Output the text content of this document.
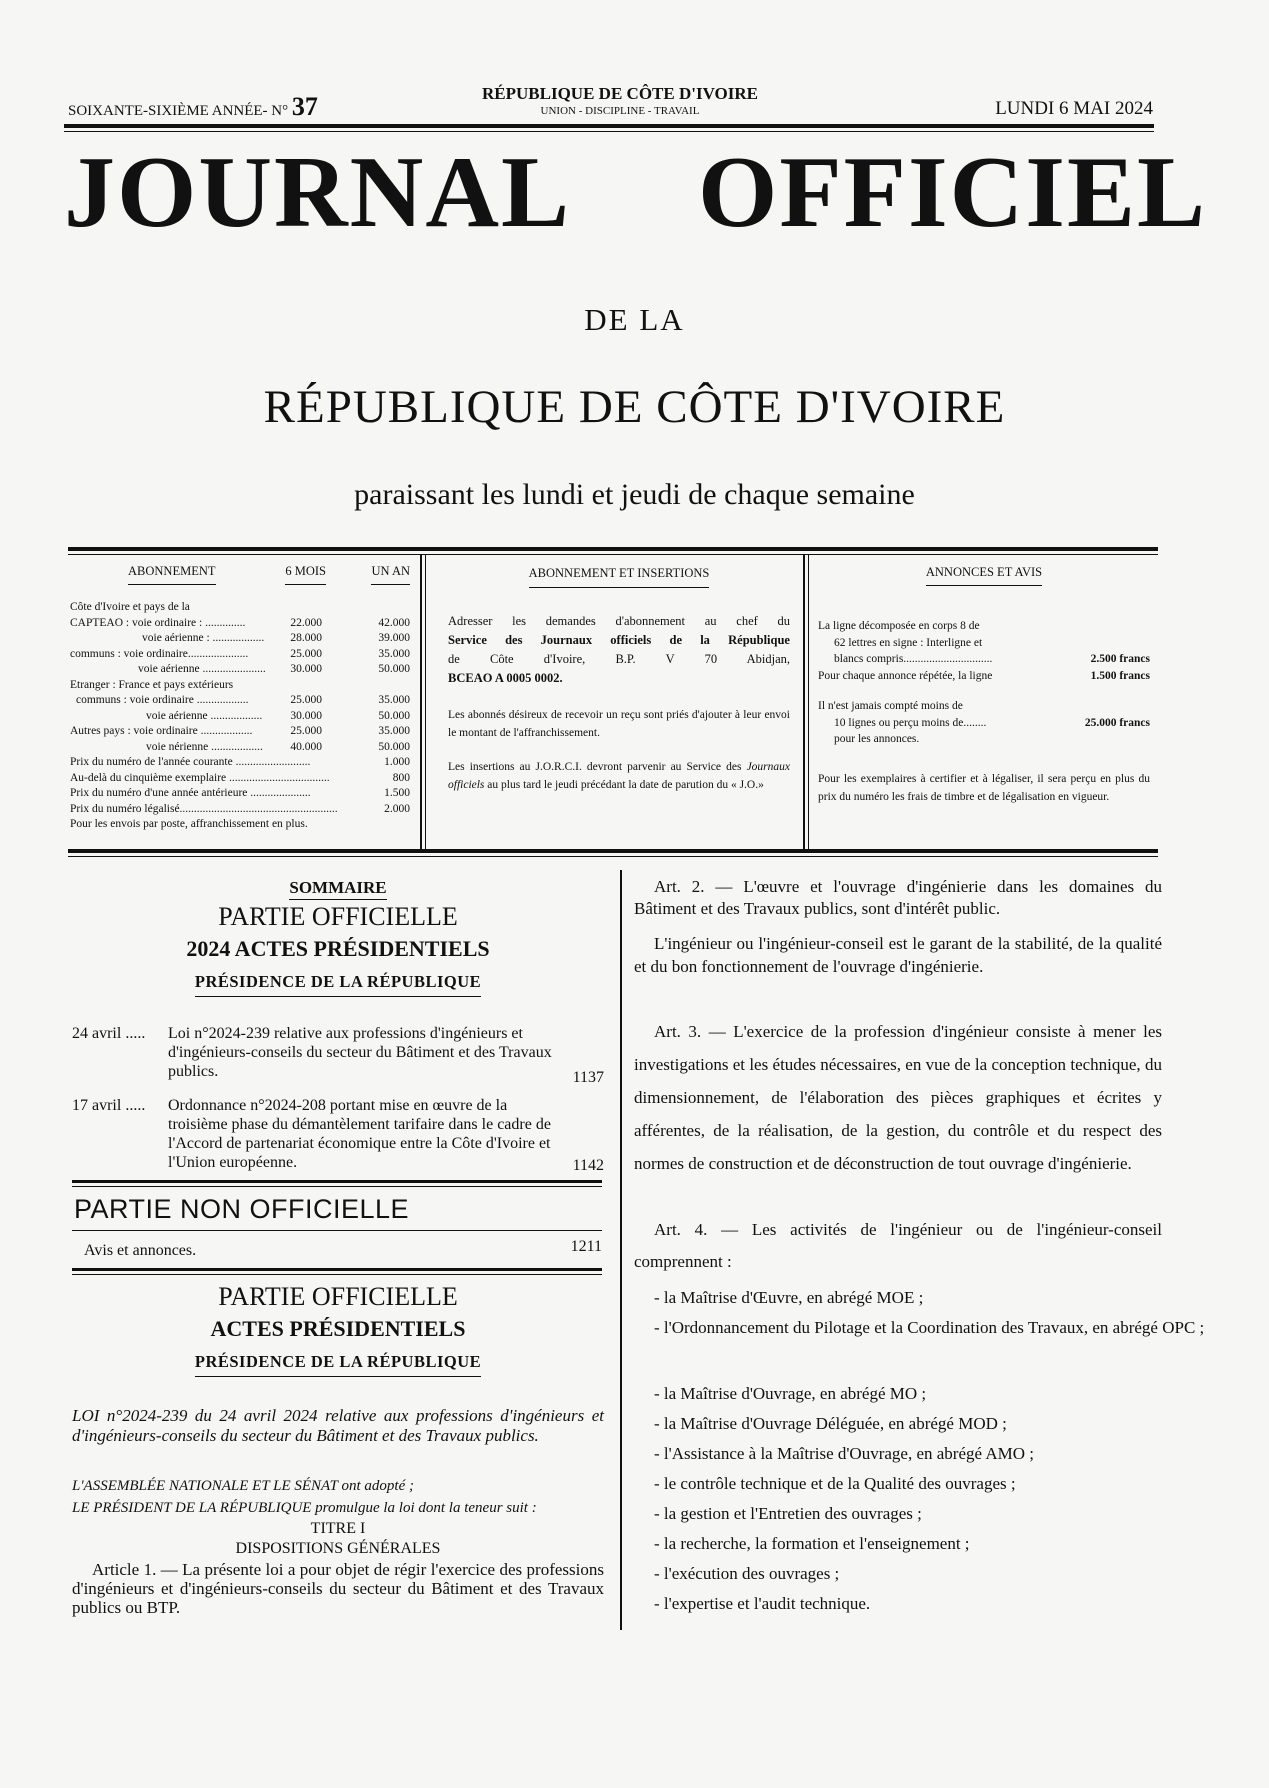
SOIXANTE-SIXIÈME ANNÉE- N° 37	RÉPUBLIQUE DE CÔTE D'IVOIRE
UNION - DISCIPLINE - TRAVAIL	LUNDI 6 MAI 2024
JOURNAL OFFICIEL
DE LA
RÉPUBLIQUE DE CÔTE D'IVOIRE
paraissant les lundi et jeudi de chaque semaine
ABONNEMENT	6 MOIS	UN AN
Côte d'Ivoire et pays de la
CAPTEAO : voie ordinaire : ..............	22.000	42.000
voie aérienne : .................. 28.000	39.000
communs : voie ordinaire.....................	25.000	35.000
voie aérienne ...................... 30.000	50.000
Etranger : France et pays extérieurs
communs : voie ordinaire ..................	25.000	35.000
voie aérienne .................. 30.000	50.000
Autres pays : voie ordinaire ..................	25.000	35.000
voie nérienne .................. 40.000	50.000
Prix du numéro de l'année courante ..........................	1.000
Au-delà du cinquième exemplaire ...................................	800
Prix du numéro d'une année antérieure .....................	1.500
Prix du numéro légalisé.......................................................	2.000
Pour les envois par poste, affranchissement en plus.
ABONNEMENT ET INSERTIONS
Adresser les demandes d'abonnement au chef du
Service des Journaux officiels de la République
de Côte d'Ivoire, B.P. V 70 Abidjan,
BCEAO A 0005 0002.
Les abonnés désireux de recevoir un reçu sont priés d'ajouter à leur envoi le montant de l'affranchissement.
Les insertions au J.O.R.C.I. devront parvenir au Service des Journaux officiels au plus tard le jeudi précédant la date de parution du « J.O.»
ANNONCES ET AVIS
La ligne décomposée en corps 8 de
62 lettres en signe : Interligne et
blancs compris...............................	2.500 francs
Pour chaque annonce répétée, la ligne	1.500 francs
Il n'est jamais compté moins de
10 lignes ou perçu moins de........	25.000 francs
pour les annonces.
Pour les exemplaires à certifier et à légaliser, il sera perçu en plus du prix du numéro les frais de timbre et de légalisation en vigueur.
SOMMAIRE
PARTIE OFFICIELLE
2024 ACTES PRÉSIDENTIELS
PRÉSIDENCE DE LA RÉPUBLIQUE
24 avril ..... Loi n°2024-239 relative aux professions d'ingénieurs et d'ingénieurs-conseils du secteur du Bâtiment et des Travaux publics.	1137
17 avril ..... Ordonnance n°2024-208 portant mise en œuvre de la troisième phase du démantèlement tarifaire dans le cadre de l'Accord de partenariat économique entre la Côte d'Ivoire et l'Union européenne.	1142
PARTIE NON OFFICIELLE
Avis et annonces.	1211
PARTIE OFFICIELLE
ACTES PRÉSIDENTIELS
PRÉSIDENCE DE LA RÉPUBLIQUE
LOI n°2024-239 du 24 avril 2024 relative aux professions d'ingénieurs et d'ingénieurs-conseils du secteur du Bâtiment et des Travaux publics.
L'ASSEMBLÉE NATIONALE ET LE SÉNAT ont adopté ;
LE PRÉSIDENT DE LA RÉPUBLIQUE promulgue la loi dont la teneur suit :
TITRE I
DISPOSITIONS GÉNÉRALES
Article 1. — La présente loi a pour objet de régir l'exercice des professions d'ingénieurs et d'ingénieurs-conseils du secteur du Bâtiment et des Travaux publics ou BTP.
Art. 2. — L'œuvre et l'ouvrage d'ingénierie dans les domaines du Bâtiment et des Travaux publics, sont d'intérêt public.
L'ingénieur ou l'ingénieur-conseil est le garant de la stabilité, de la qualité et du bon fonctionnement de l'ouvrage d'ingénierie.
Art. 3. — L'exercice de la profession d'ingénieur consiste à mener les investigations et les études nécessaires, en vue de la conception technique, du dimensionnement, de l'élaboration des pièces graphiques et écrites y afférentes, de la réalisation, de la gestion, du contrôle et du respect des normes de construction et de déconstruction de tout ouvrage d'ingénierie.
Art. 4. — Les activités de l'ingénieur ou de l'ingénieur-conseil comprennent :
- la Maîtrise d'Œuvre, en abrégé MOE ;
- l'Ordonnancement du Pilotage et la Coordination des Travaux, en abrégé OPC ;
- la Maîtrise d'Ouvrage, en abrégé MO ;
- la Maîtrise d'Ouvrage Déléguée, en abrégé MOD ;
- l'Assistance à la Maîtrise d'Ouvrage, en abrégé AMO ;
- le contrôle technique et de la Qualité des ouvrages ;
- la gestion et l'Entretien des ouvrages ;
- la recherche, la formation et l'enseignement ;
- l'exécution des ouvrages ;
- l'expertise et l'audit technique.
